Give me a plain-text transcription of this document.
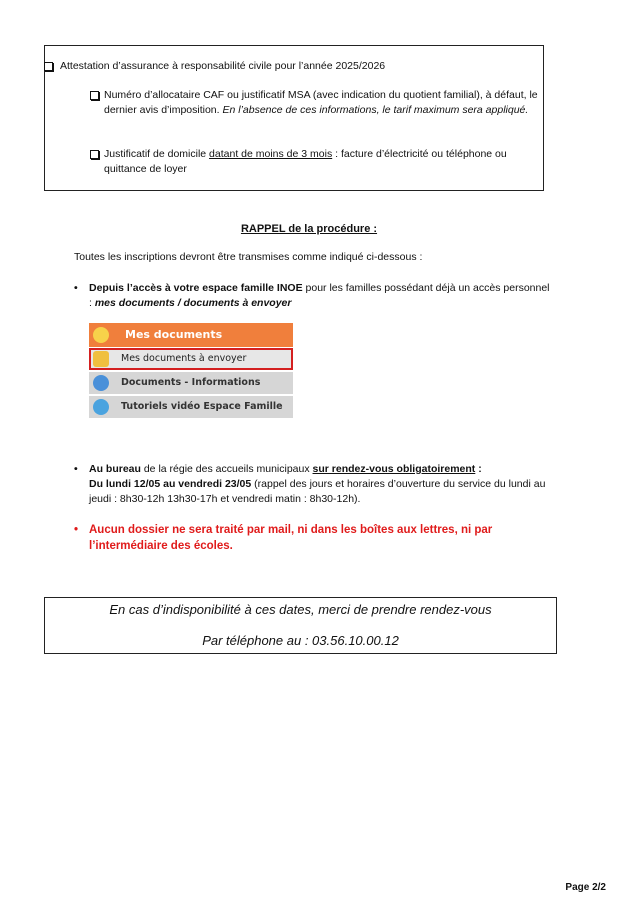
Attestation d’assurance à responsabilité civile pour l’année 2025/2026
Numéro d’allocataire CAF ou justificatif MSA (avec indication du quotient familial), à défaut, le dernier avis d’imposition. En l’absence de ces informations, le tarif maximum sera appliqué.
Justificatif de domicile datant de moins de 3 mois : facture d’électricité ou téléphone ou quittance de loyer
RAPPEL de la procédure :
Toutes les inscriptions devront être transmises comme indiqué ci-dessous :
• Depuis l’accès à votre espace famille INOE pour les familles possédant déjà un accès personnel : mes documents / documents à envoyer
Mes documents
Mes documents à envoyer
Documents - Informations
Tutoriels vidéo Espace Famille
• Au bureau de la régie des accueils municipaux sur rendez-vous obligatoirement :
Du lundi 12/05 au vendredi 23/05 (rappel des jours et horaires d’ouverture du service du lundi au jeudi : 8h30-12h 13h30-17h et vendredi matin : 8h30-12h).
• Aucun dossier ne sera traité par mail, ni dans les boîtes aux lettres, ni par l’intermédiaire des écoles.
En cas d’indisponibilité à ces dates, merci de prendre rendez-vous
Par téléphone au : 03.56.10.00.12
Page 2/2
